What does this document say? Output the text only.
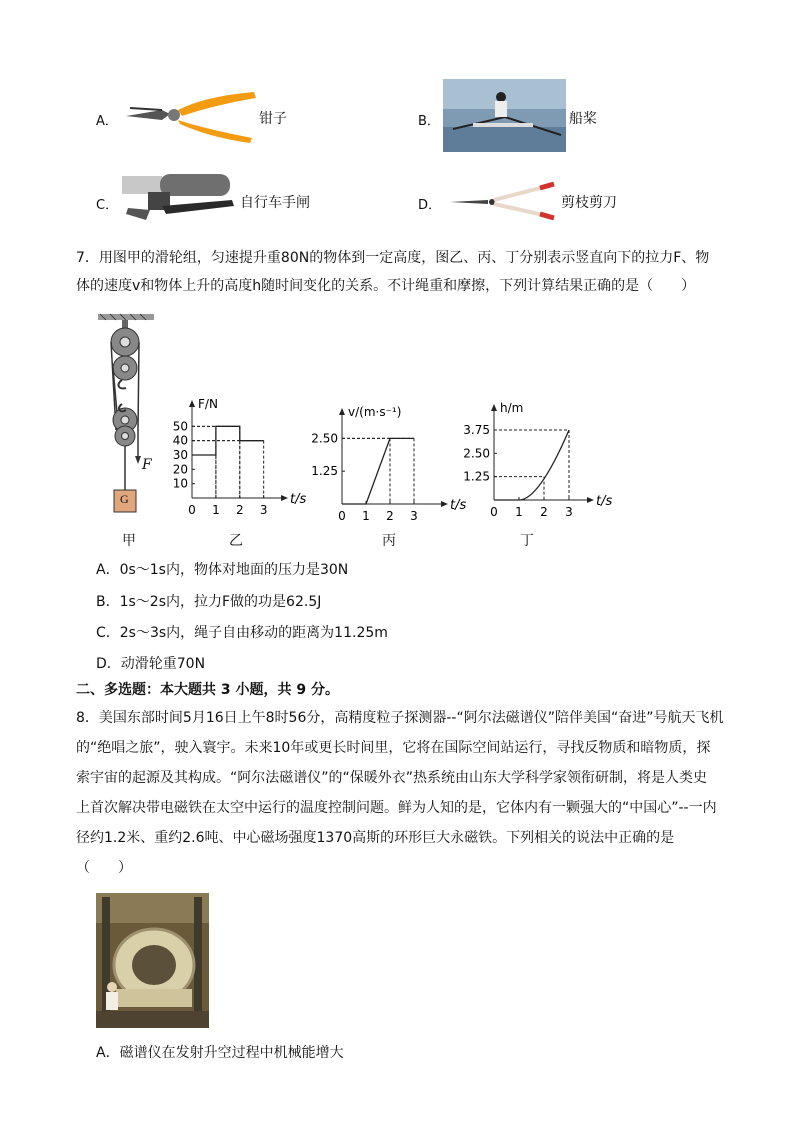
A．	钳子	B．	船桨
C．	自行车手闸	D．	剪枝剪刀
7．用图甲的滑轮组，匀速提升重80N的物体到一定高度，图乙、丙、丁分别表示竖直向下的拉力F、物
体的速度v和物体上升的高度h随时间变化的关系。不计绳重和摩擦，下列计算结果正确的是（　　）
F
G	t/s
F/N
0 1 2 3
10
20
30
40
50
t/s
v/(m·s⁻¹)
0 1 2 3
1.25
2.50
t/s
h/m
0 1 2 3
1.25
2.50
3.75
甲	乙	丙	丁
A．0s～1s内，物体对地面的压力是30N
B．1s～2s内，拉力F做的功是62.5J
C．2s～3s内，绳子自由移动的距离为11.25m
D．动滑轮重70N
二、多选题：本大题共 3 小题，共 9 分。
8．美国东部时间5月16日上午8时56分，高精度粒子探测器--“阿尔法磁谱仪”陪伴美国“奋进”号航天飞机
的“绝唱之旅”，驶入寰宇。未来10年或更长时间里，它将在国际空间站运行，寻找反物质和暗物质，探
索宇宙的起源及其构成。“阿尔法磁谱仪”的“保暖外衣”热系统由山东大学科学家领衔研制，将是人类史
上首次解决带电磁铁在太空中运行的温度控制问题。鲜为人知的是，它体内有一颗强大的“中国心”--一内
径约1.2米、重约2.6吨、中心磁场强度1370高斯的环形巨大永磁铁。下列相关的说法中正确的是
（　　）
A．磁谱仪在发射升空过程中机械能增大
